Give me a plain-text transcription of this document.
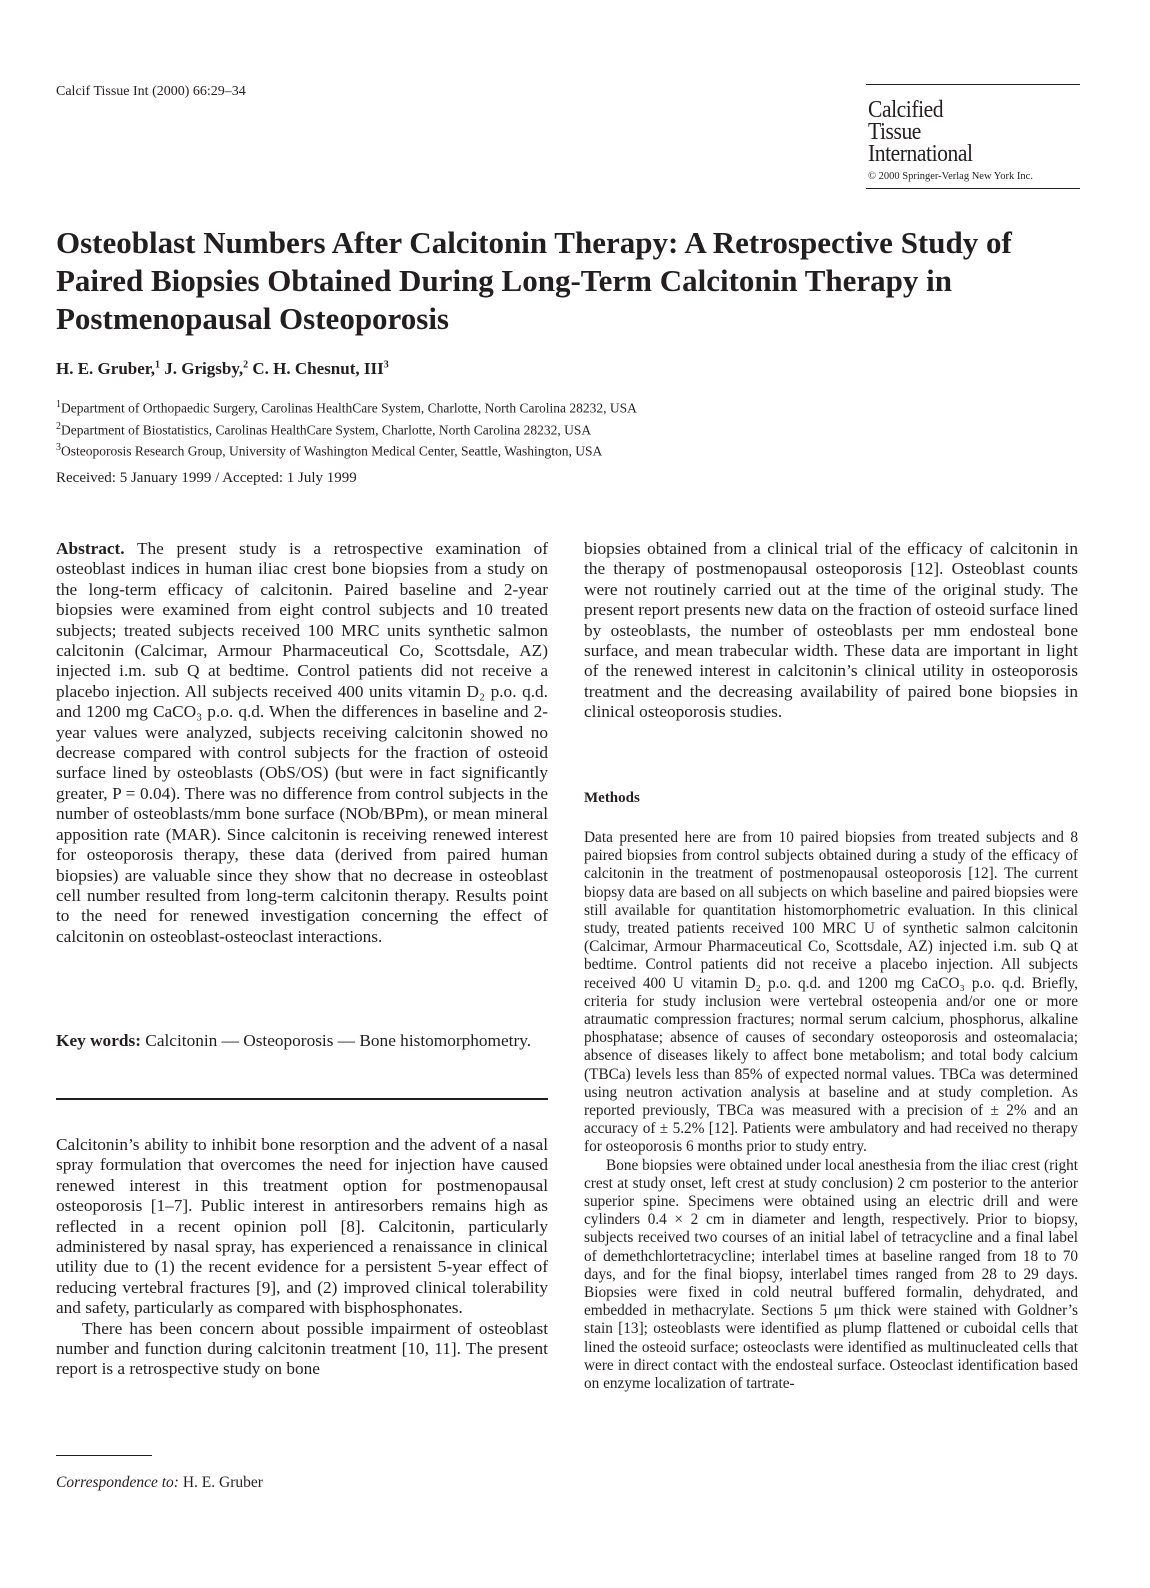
Calcif Tissue Int (2000) 66:29–34
Calcified
Tissue
International
© 2000 Springer-Verlag New York Inc.
Osteoblast Numbers After Calcitonin Therapy: A Retrospective Study of Paired Biopsies Obtained During Long-Term Calcitonin Therapy in Postmenopausal Osteoporosis
H. E. Gruber,$^1$ J. Grigsby,$^2$ C. H. Chesnut, III$^3$
$^1$Department of Orthopaedic Surgery, Carolinas HealthCare System, Charlotte, North Carolina 28232, USA
$^2$Department of Biostatistics, Carolinas HealthCare System, Charlotte, North Carolina 28232, USA
$^3$Osteoporosis Research Group, University of Washington Medical Center, Seattle, Washington, USA
Received: 5 January 1999 / Accepted: 1 July 1999
Abstract. The present study is a retrospective examination of osteoblast indices in human iliac crest bone biopsies from a study on the long-term efficacy of calcitonin. Paired baseline and 2-year biopsies were examined from eight control subjects and 10 treated subjects; treated subjects received 100 MRC units synthetic salmon calcitonin (Calcimar, Armour Pharmaceutical Co, Scottsdale, AZ) injected i.m. sub Q at bedtime. Control patients did not receive a placebo injection. All subjects received 400 units vitamin D₂ p.o. q.d. and 1200 mg CaCO₃ p.o. q.d. When the differences in baseline and 2-year values were analyzed, subjects receiving calcitonin showed no decrease compared with control subjects for the fraction of osteoid surface lined by osteoblasts (ObS/OS) (but were in fact significantly greater, P = 0.04). There was no difference from control subjects in the number of osteoblasts/mm bone surface (NOb/BPm), or mean mineral apposition rate (MAR). Since calcitonin is receiving renewed interest for osteoporosis therapy, these data (derived from paired human biopsies) are valuable since they show that no decrease in osteoblast cell number resulted from long-term calcitonin therapy. Results point to the need for renewed investigation concerning the effect of calcitonin on osteoblast-osteoclast interactions.
Key words: Calcitonin — Osteoporosis — Bone histomorphometry.

Calcitonin’s ability to inhibit bone resorption and the advent of a nasal spray formulation that overcomes the need for injection have caused renewed interest in this treatment option for postmenopausal osteoporosis [1–7]. Public interest in antiresorbers remains high as reflected in a recent opinion poll [8]. Calcitonin, particularly administered by nasal spray, has experienced a renaissance in clinical utility due to (1) the recent evidence for a persistent 5-year effect of reducing vertebral fractures [9], and (2) improved clinical tolerability and safety, particularly as compared with bisphosphonates.

There has been concern about possible impairment of osteoblast number and function during calcitonin treatment [10, 11]. The present report is a retrospective study on bone

Correspondence to: H. E. Gruber
biopsies obtained from a clinical trial of the efficacy of calcitonin in the therapy of postmenopausal osteoporosis [12]. Osteoblast counts were not routinely carried out at the time of the original study. The present report presents new data on the fraction of osteoid surface lined by osteoblasts, the number of osteoblasts per mm endosteal bone surface, and mean trabecular width. These data are important in light of the renewed interest in calcitonin’s clinical utility in osteoporosis treatment and the decreasing availability of paired bone biopsies in clinical osteoporosis studies.
Methods

Data presented here are from 10 paired biopsies from treated subjects and 8 paired biopsies from control subjects obtained during a study of the efficacy of calcitonin in the treatment of postmenopausal osteoporosis [12]. The current biopsy data are based on all subjects on which baseline and paired biopsies were still available for quantitation histomorphometric evaluation. In this clinical study, treated patients received 100 MRC U of synthetic salmon calcitonin (Calcimar, Armour Pharmaceutical Co, Scottsdale, AZ) injected i.m. sub Q at bedtime. Control patients did not receive a placebo injection. All subjects received 400 U vitamin D₂ p.o. q.d. and 1200 mg CaCO₃ p.o. q.d. Briefly, criteria for study inclusion were vertebral osteopenia and/or one or more atraumatic compression fractures; normal serum calcium, phosphorus, alkaline phosphatase; absence of causes of secondary osteoporosis and osteomalacia; absence of diseases likely to affect bone metabolism; and total body calcium (TBCa) levels less than 85% of expected normal values. TBCa was determined using neutron activation analysis at baseline and at study completion. As reported previously, TBCa was measured with a precision of ± 2% and an accuracy of ± 5.2% [12]. Patients were ambulatory and had received no therapy for osteoporosis 6 months prior to study entry.

Bone biopsies were obtained under local anesthesia from the iliac crest (right crest at study onset, left crest at study conclusion) 2 cm posterior to the anterior superior spine. Specimens were obtained using an electric drill and were cylinders 0.4 × 2 cm in diameter and length, respectively. Prior to biopsy, subjects received two courses of an initial label of tetracycline and a final label of demethchlortetracycline; interlabel times at baseline ranged from 18 to 70 days, and for the final biopsy, interlabel times ranged from 28 to 29 days. Biopsies were fixed in cold neutral buffered formalin, dehydrated, and embedded in methacrylate. Sections 5 μm thick were stained with Goldner’s stain [13]; osteoblasts were identified as plump flattened or cuboidal cells that lined the osteoid surface; osteoclasts were identified as multinucleated cells that were in direct contact with the endosteal surface. Osteoclast identification based on enzyme localization of tartrate-
